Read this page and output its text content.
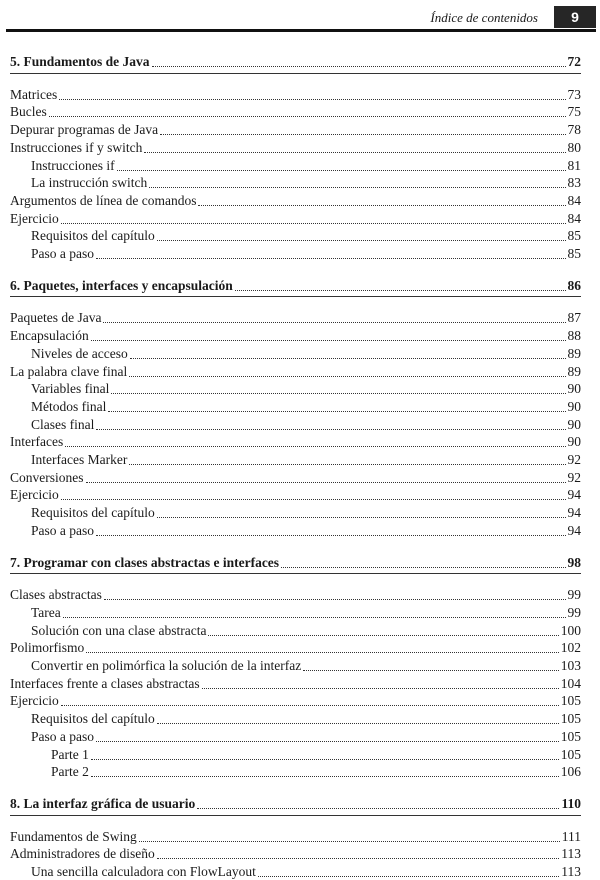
Índice de contenidos	9
5. Fundamentos de Java	72
Matrices	73
Bucles	75
Depurar programas de Java	78
Instrucciones if y switch	80
Instrucciones if	81
La instrucción switch	83
Argumentos de línea de comandos	84
Ejercicio	84
Requisitos del capítulo	85
Paso a paso	85
6. Paquetes, interfaces y encapsulación	86
Paquetes de Java	87
Encapsulación	88
Niveles de acceso	89
La palabra clave final	89
Variables final	90
Métodos final	90
Clases final	90
Interfaces	90
Interfaces Marker	92
Conversiones	92
Ejercicio	94
Requisitos del capítulo	94
Paso a paso	94
7. Programar con clases abstractas e interfaces	98
Clases abstractas	99
Tarea	99
Solución con una clase abstracta	100
Polimorfismo	102
Convertir en polimórfica la solución de la interfaz	103
Interfaces frente a clases abstractas	104
Ejercicio	105
Requisitos del capítulo	105
Paso a paso	105
Parte 1	105
Parte 2	106
8. La interfaz gráfica de usuario	110
Fundamentos de Swing	111
Administradores de diseño	113
Una sencilla calculadora con FlowLayout	113
